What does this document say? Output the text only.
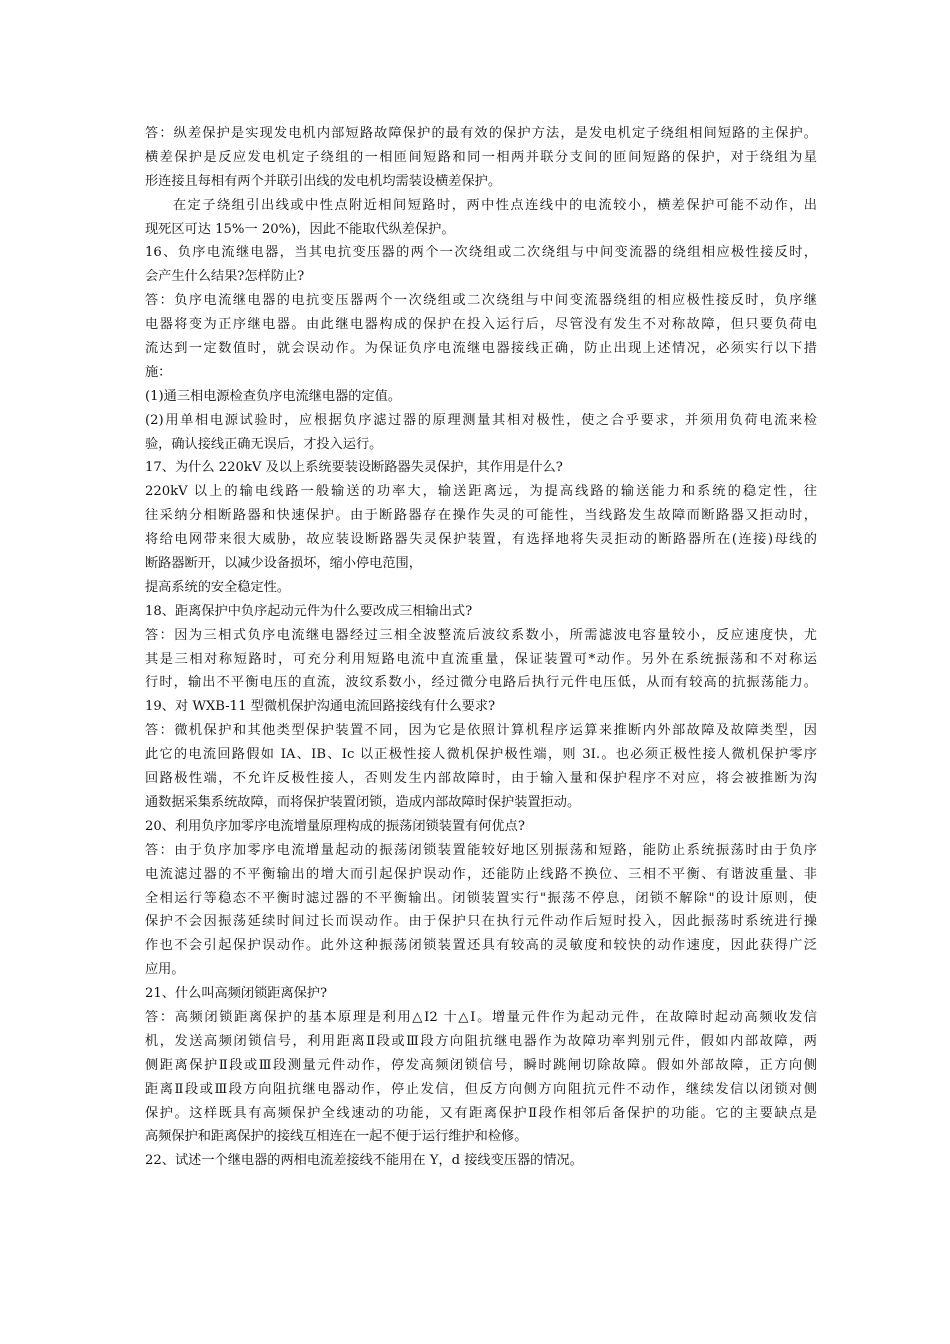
答：纵差保护是实现发电机内部短路故障保护的最有效的保护方法，是发电机定子绕组相间短路的主保护。
横差保护是反应发电机定子绕组的一相匝间短路和同一相两并联分支间的匝间短路的保护，对于绕组为星
形连接且每相有两个并联引出线的发电机均需装设横差保护。
在定子绕组引出线或中性点附近相间短路时，两中性点连线中的电流较小，横差保护可能不动作，出
现死区可达 15%一 20%)，因此不能取代纵差保护。
16、负序电流继电器，当其电抗变压器的两个一次绕组或二次绕组与中间变流器的绕组相应极性接反时，
会产生什么结果?怎样防止?
答：负序电流继电器的电抗变压器两个一次绕组或二次绕组与中间变流器绕组的相应极性接反时，负序继
电器将变为正序继电器。由此继电器构成的保护在投入运行后，尽管没有发生不对称故障，但只要负荷电
流达到一定数值时，就会误动作。为保证负序电流继电器接线正确，防止出现上述情况，必须实行以下措
施：
(1)通三相电源检查负序电流继电器的定值。
(2)用单相电源试验时，应根据负序滤过器的原理测量其相对极性，使之合乎要求，并须用负荷电流来检
验，确认接线正确无误后，才投入运行。
17、为什么 220kV 及以上系统要装设断路器失灵保护，其作用是什么?
220kV 以上的输电线路一般输送的功率大，输送距离远，为提高线路的输送能力和系统的稳定性，往
往采纳分相断路器和快速保护。由于断路器存在操作失灵的可能性，当线路发生故障而断路器又拒动时，
将给电网带来很大威胁，故应装设断路器失灵保护装置，有选择地将失灵拒动的断路器所在(连接)母线的
断路器断开，以减少设备损坏，缩小停电范围，
提高系统的安全稳定性。
18、距离保护中负序起动元件为什么要改成三相输出式?
答：因为三相式负序电流继电器经过三相全波整流后波纹系数小，所需滤波电容量较小，反应速度快，尤
其是三相对称短路时，可充分利用短路电流中直流重量，保证装置可*动作。另外在系统振荡和不对称运
行时，输出不平衡电压的直流，波纹系数小，经过微分电路后执行元件电压低，从而有较高的抗振荡能力。
19、对 WXB-11 型微机保护沟通电流回路接线有什么要求?
答：微机保护和其他类型保护装置不同，因为它是依照计算机程序运算来推断内外部故障及故障类型，因
此它的电流回路假如 IA、IB、Ic 以正极性接人微机保护极性端，则 3I.。也必须正极性接人微机保护零序
回路极性端，不允许反极性接人，否则发生内部故障时，由于输入量和保护程序不对应，将会被推断为沟
通数据采集系统故障，而将保护装置闭锁，造成内部故障时保护装置拒动。
20、利用负序加零序电流增量原理构成的振荡闭锁装置有何优点?
答：由于负序加零序电流增量起动的振荡闭锁装置能较好地区别振荡和短路，能防止系统振荡时由于负序
电流滤过器的不平衡输出的增大而引起保护误动作，还能防止线路不换位、三相不平衡、有谐波重量、非
全相运行等稳态不平衡时滤过器的不平衡输出。闭锁装置实行"振荡不停息，闭锁不解除"的设计原则，使
保护不会因振荡延续时间过长而误动作。由于保护只在执行元件动作后短时投入，因此振荡时系统进行操
作也不会引起保护误动作。此外这种振荡闭锁装置还具有较高的灵敏度和较快的动作速度，因此获得广泛
应用。
21、什么叫高频闭锁距离保护?
答：高频闭锁距离保护的基本原理是利用△I2 十△I。增量元件作为起动元件，在故障时起动高频收发信
机，发送高频闭锁信号，利用距离Ⅱ段或Ⅲ段方向阻抗继电器作为故障功率判别元件，假如内部故障，两
侧距离保护Ⅱ段或Ⅲ段测量元件动作，停发高频闭锁信号，瞬时跳闸切除故障。假如外部故障，正方向侧
距离Ⅱ段或Ⅲ段方向阻抗继电器动作，停止发信，但反方向侧方向阻抗元件不动作，继续发信以闭锁对侧
保护。这样既具有高频保护全线速动的功能，又有距离保护Ⅱ段作相邻后备保护的功能。它的主要缺点是
高频保护和距离保护的接线互相连在一起不便于运行维护和检修。
22、试述一个继电器的两相电流差接线不能用在 Y，d 接线变压器的情况。
